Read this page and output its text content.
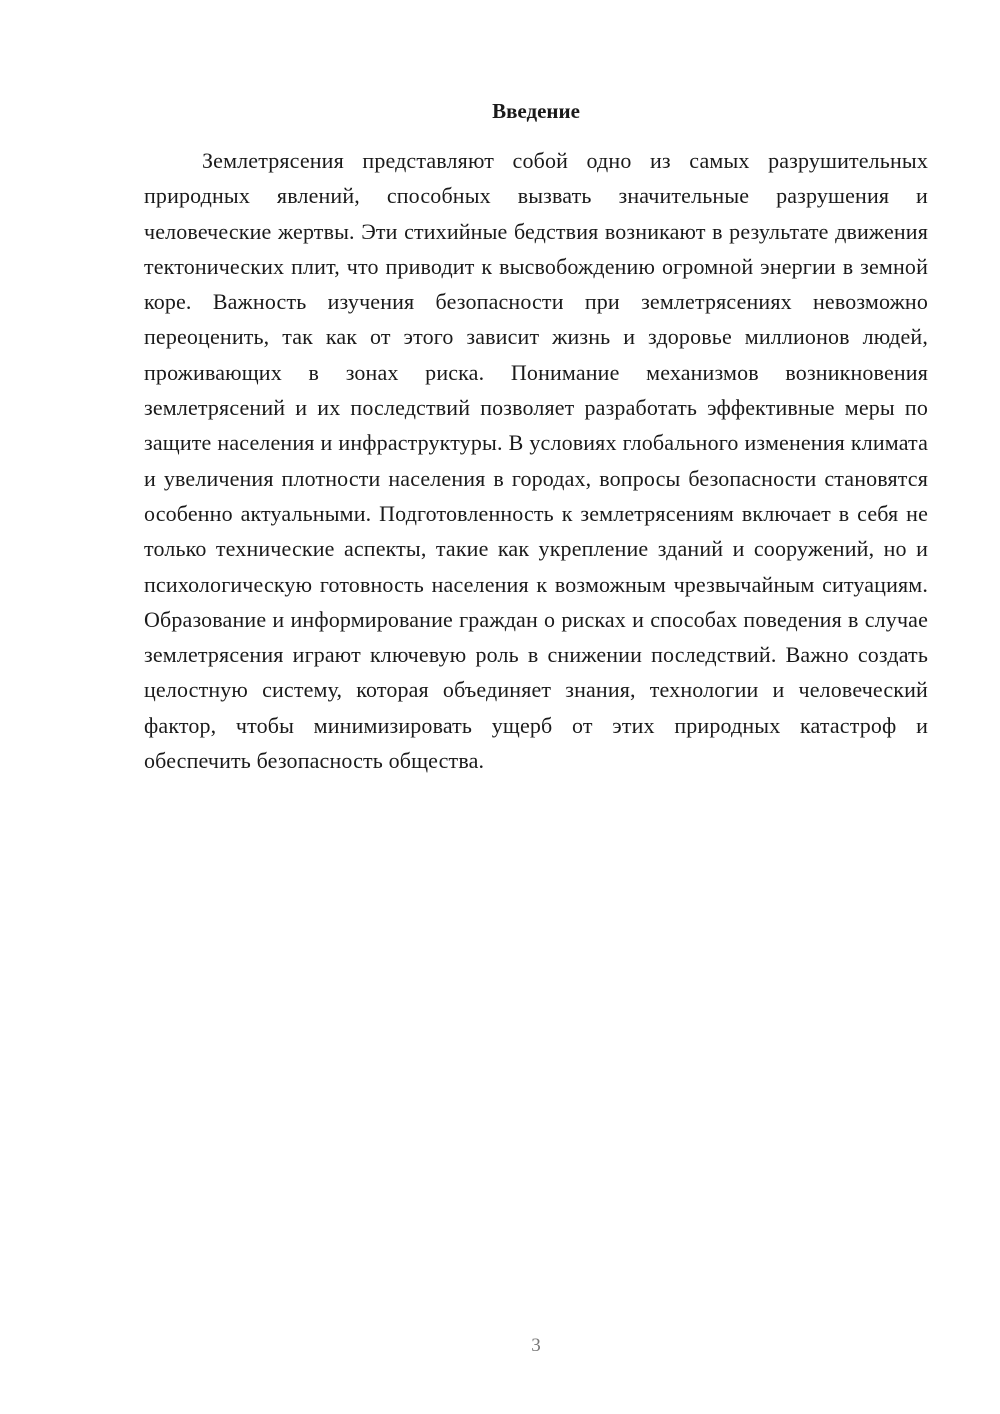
Введение

Землетрясения представляют собой одно из самых разрушительных природных явлений, способных вызвать значительные разрушения и человеческие жертвы. Эти стихийные бедствия возникают в результате движения тектонических плит, что приводит к высвобождению огромной энергии в земной коре. Важность изучения безопасности при землетрясениях невозможно переоценить, так как от этого зависит жизнь и здоровье миллионов людей, проживающих в зонах риска. Понимание механизмов возникновения землетрясений и их последствий позволяет разработать эффективные меры по защите населения и инфраструктуры. В условиях глобального изменения климата и увеличения плотности населения в городах, вопросы безопасности становятся особенно актуальными. Подготовленность к землетрясениям включает в себя не только технические аспекты, такие как укрепление зданий и сооружений, но и психологическую готовность населения к возможным чрезвычайным ситуациям. Образование и информирование граждан о рисках и способах поведения в случае землетрясения играют ключевую роль в снижении последствий. Важно создать целостную систему, которая объединяет знания, технологии и человеческий фактор, чтобы минимизировать ущерб от этих природных катастроф и обеспечить безопасность общества.

3
